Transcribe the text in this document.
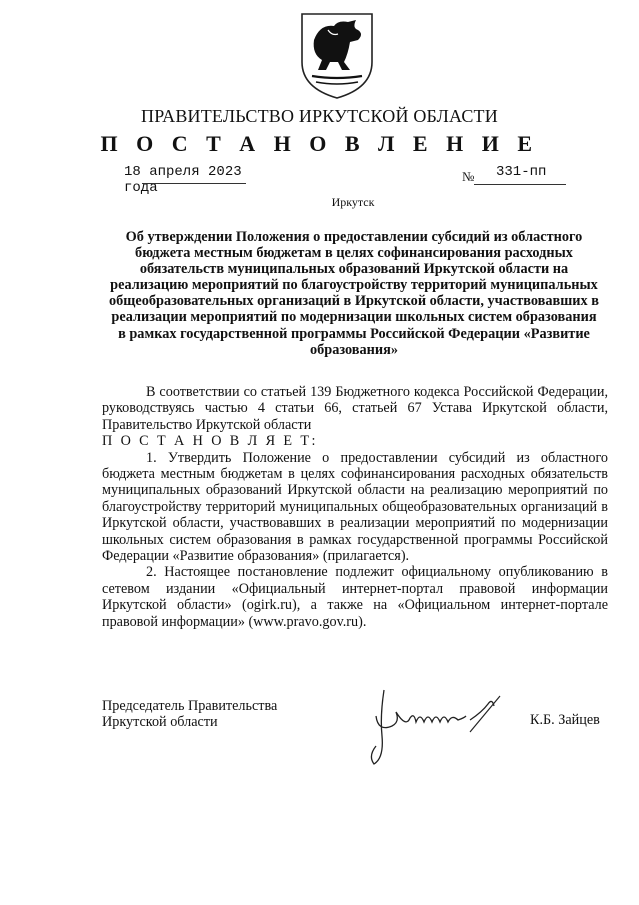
ПРАВИТЕЛЬСТВО ИРКУТСКОЙ ОБЛАСТИ
П О С Т А Н О В Л Е Н И Е
18 апреля 2023 года
№ 331-пп
Иркутск
Об утверждении Положения о предоставлении субсидий из областного бюджета местным бюджетам в целях софинансирования расходных обязательств муниципальных образований Иркутской области на реализацию мероприятий по благоустройству территорий муниципальных общеобразовательных организаций в Иркутской области, участвовавших в реализации мероприятий по модернизации школьных систем образования в рамках государственной программы Российской Федерации «Развитие образования»

В соответствии со статьей 139 Бюджетного кодекса Российской Федерации, руководствуясь частью 4 статьи 66, статьей 67 Устава Иркутской области, Правительство Иркутской области

П О С Т А Н О В Л Я Е Т:

1. Утвердить Положение о предоставлении субсидий из областного бюджета местным бюджетам в целях софинансирования расходных обязательств муниципальных образований Иркутской области на реализацию мероприятий по благоустройству территорий муниципальных общеобразовательных организаций в Иркутской области, участвовавших в реализации мероприятий по модернизации школьных систем образования в рамках государственной программы Российской Федерации «Развитие образования» (прилагается).

2. Настоящее постановление подлежит официальному опубликованию в сетевом издании «Официальный интернет-портал правовой информации Иркутской области» (ogirk.ru), а также на «Официальном интернет-портале правовой информации» (www.pravo.gov.ru).

Председатель Правительства
Иркутской области	К.Б. Зайцев
